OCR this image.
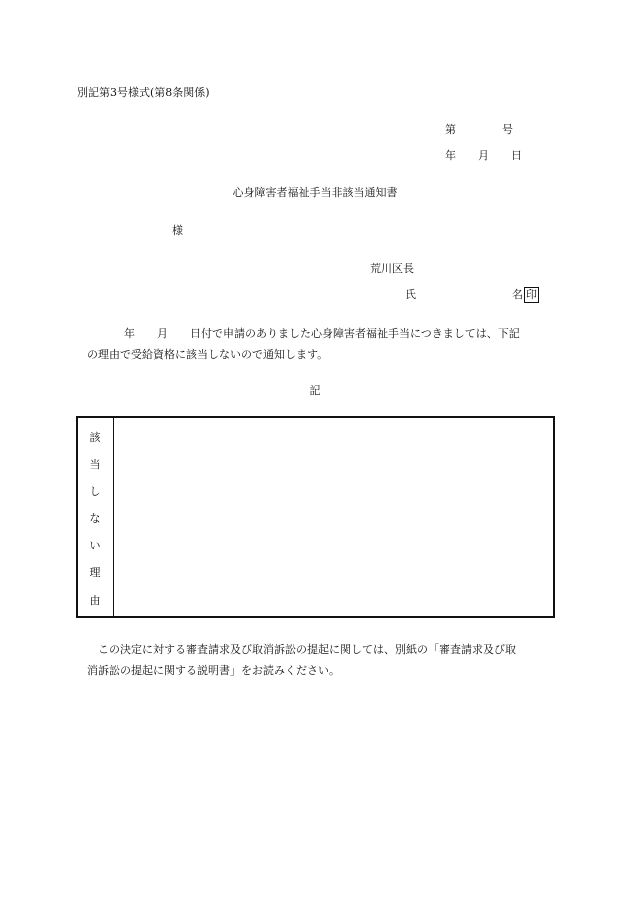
別記第3号様式(第8条関係)
第	号
年 月 日
心身障害者福祉手当非該当通知書
様
荒川区長
氏	名 印

年　　月　　日付で申請のありました心身障害者福祉手当につきましては、下記

の理由で受給資格に該当しないので通知します。

記
該
当
し
な
い
理
由

この決定に対する審査請求及び取消訴訟の提起に関しては、別紙の「審査請求及び取

消訴訟の提起に関する説明書」をお読みください。
